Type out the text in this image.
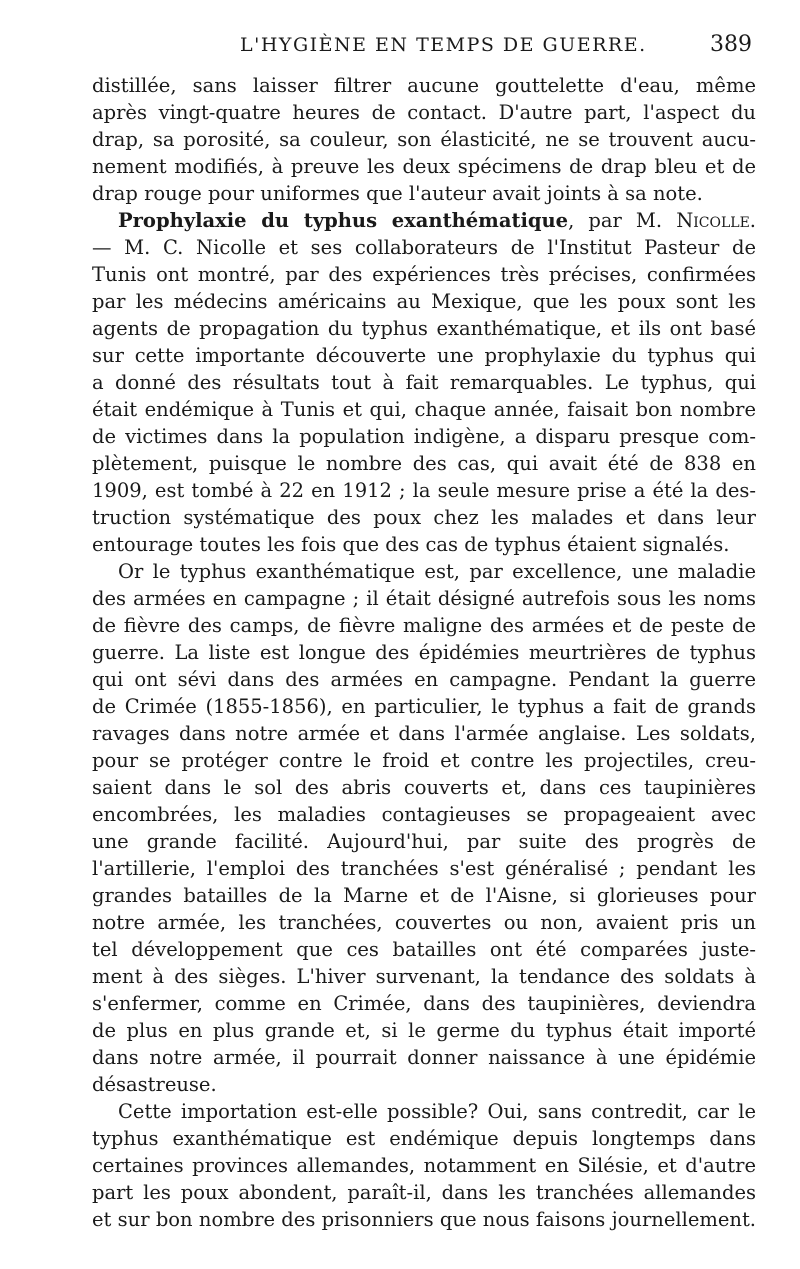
L'HYGIÈNE EN TEMPS DE GUERRE.	389
distillée, sans laisser filtrer aucune gouttelette d'eau, même
après vingt-quatre heures de contact. D'autre part, l'aspect du
drap, sa porosité, sa couleur, son élasticité, ne se trouvent aucu-
nement modifiés, à preuve les deux spécimens de drap bleu et de
drap rouge pour uniformes que l'auteur avait joints à sa note.
Prophylaxie du typhus exanthématique, par M. Nicolle.
— M. C. Nicolle et ses collaborateurs de l'Institut Pasteur de
Tunis ont montré, par des expériences très précises, confirmées
par les médecins américains au Mexique, que les poux sont les
agents de propagation du typhus exanthématique, et ils ont basé
sur cette importante découverte une prophylaxie du typhus qui
a donné des résultats tout à fait remarquables. Le typhus, qui
était endémique à Tunis et qui, chaque année, faisait bon nombre
de victimes dans la population indigène, a disparu presque com-
plètement, puisque le nombre des cas, qui avait été de 838 en
1909, est tombé à 22 en 1912 ; la seule mesure prise a été la des-
truction systématique des poux chez les malades et dans leur
entourage toutes les fois que des cas de typhus étaient signalés.
Or le typhus exanthématique est, par excellence, une maladie
des armées en campagne ; il était désigné autrefois sous les noms
de fièvre des camps, de fièvre maligne des armées et de peste de
guerre. La liste est longue des épidémies meurtrières de typhus
qui ont sévi dans des armées en campagne. Pendant la guerre
de Crimée (1855-1856), en particulier, le typhus a fait de grands
ravages dans notre armée et dans l'armée anglaise. Les soldats,
pour se protéger contre le froid et contre les projectiles, creu-
saient dans le sol des abris couverts et, dans ces taupinières
encombrées, les maladies contagieuses se propageaient avec
une grande facilité. Aujourd'hui, par suite des progrès de
l'artillerie, l'emploi des tranchées s'est généralisé ; pendant les
grandes batailles de la Marne et de l'Aisne, si glorieuses pour
notre armée, les tranchées, couvertes ou non, avaient pris un
tel développement que ces batailles ont été comparées juste-
ment à des sièges. L'hiver survenant, la tendance des soldats à
s'enfermer, comme en Crimée, dans des taupinières, deviendra
de plus en plus grande et, si le germe du typhus était importé
dans notre armée, il pourrait donner naissance à une épidémie
désastreuse.
Cette importation est-elle possible? Oui, sans contredit, car le
typhus exanthématique est endémique depuis longtemps dans
certaines provinces allemandes, notamment en Silésie, et d'autre
part les poux abondent, paraît-il, dans les tranchées allemandes
et sur bon nombre des prisonniers que nous faisons journellement.
